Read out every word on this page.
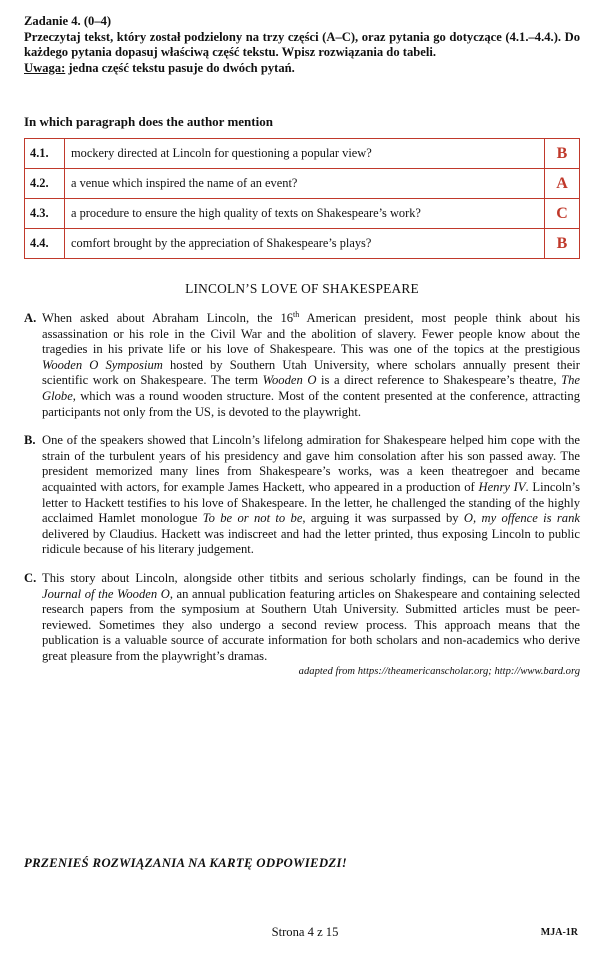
Zadanie 4. (0–4)

Przeczytaj tekst, który został podzielony na trzy części (A–C), oraz pytania go dotyczące (4.1.–4.4.). Do każdego pytania dopasuj właściwą część tekstu. Wpisz rozwiązania do tabeli.

Uwaga: jedna część tekstu pasuje do dwóch pytań.

In which paragraph does the author mention
4.1.	mockery directed at Lincoln for questioning a popular view?	B
4.2.	a venue which inspired the name of an event?	A
4.3.	a procedure to ensure the high quality of texts on Shakespeare’s work?	C
4.4.	comfort brought by the appreciation of Shakespeare’s plays?	B
LINCOLN’S LOVE OF SHAKESPEARE
A. When asked about Abraham Lincoln, the 16th American president, most people think about his assassination or his role in the Civil War and the abolition of slavery. Fewer people know about the tragedies in his private life or his love of Shakespeare. This was one of the topics at the prestigious Wooden O Symposium hosted by Southern Utah University, where scholars annually present their scientific work on Shakespeare. The term Wooden O is a direct reference to Shakespeare’s theatre, The Globe, which was a round wooden structure. Most of the content presented at the conference, attracting participants not only from the US, is devoted to the playwright.
B. One of the speakers showed that Lincoln’s lifelong admiration for Shakespeare helped him cope with the strain of the turbulent years of his presidency and gave him consolation after his son passed away. The president memorized many lines from Shakespeare’s works, was a keen theatregoer and became acquainted with actors, for example James Hackett, who appeared in a production of Henry IV. Lincoln’s letter to Hackett testifies to his love of Shakespeare. In the letter, he challenged the standing of the highly acclaimed Hamlet monologue To be or not to be, arguing it was surpassed by O, my offence is rank delivered by Claudius. Hackett was indiscreet and had the letter printed, thus exposing Lincoln to public ridicule because of his literary judgement.
C. This story about Lincoln, alongside other titbits and serious scholarly findings, can be found in the Journal of the Wooden O, an annual publication featuring articles on Shakespeare and containing selected research papers from the symposium at Southern Utah University. Submitted articles must be peer-reviewed. Sometimes they also undergo a second review process. This approach means that the publication is a valuable source of accurate information for both scholars and non-academics who derive great pleasure from the playwright’s dramas.
adapted from https://theamericanscholar.org; http://www.bard.org
PRZENIEŚ ROZWIĄZANIA NA KARTĘ ODPOWIEDZI!
Strona 4 z 15	MJA-1R
